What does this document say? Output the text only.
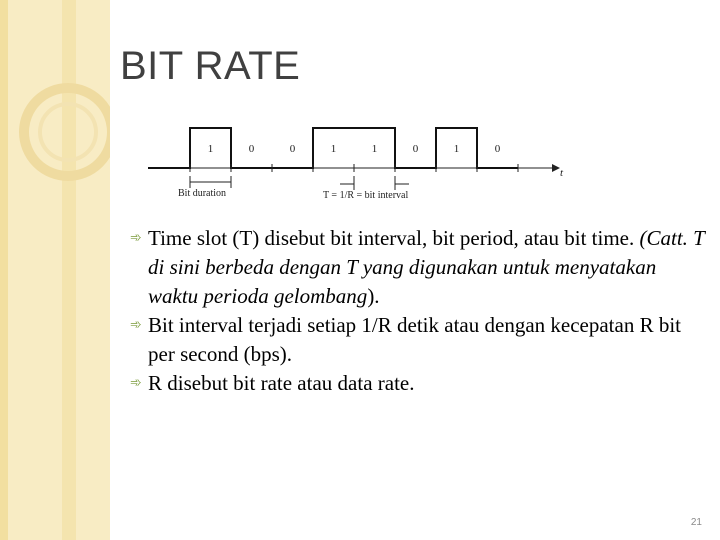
BIT RATE
1	0	0	1	1	0	1	0
t
Bit duration	T = 1/R = bit interval
➾ Time slot (T) disebut bit interval, bit period, atau bit time. (Catt. T di sini berbeda dengan T yang digunakan untuk menyatakan waktu perioda gelombang).
➾ Bit interval terjadi setiap 1/R detik atau dengan kecepatan R bit per second (bps).
➾ R disebut bit rate atau data rate.
21
